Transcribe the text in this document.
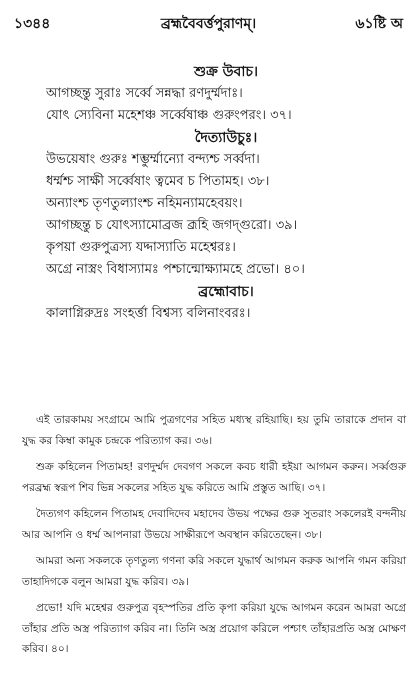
১৩৪৪	ব্রহ্মবৈবর্ত্তপুরাণম্।	৬১ষ্টি অ
শুক্র উবাচ।
আগচ্ছন্তু সুরাঃ সর্ব্বে সন্নদ্ধা রণদুর্ম্মদাঃ।
যোৎ স্যেবিনা মহেশঞ্চ সর্ব্বেষাঞ্চ গুরুংপরং। ৩৭।
দৈত্যাউচুঃ।
উভয়েষাং গুরুঃ শম্ভুর্ম্মান্যো বন্দ্যশ্চ সর্ব্বদা।
ধর্ম্মশ্চ সাক্ষী সর্ব্বেষাং ত্বমেব চ পিতামহ। ৩৮।
অন্যাংশ্চ তৃণতুল্যাংশ্চ নহিমন্যামহেবয়ং।
আগচ্ছন্তু চ যোৎস্যামোব্রজ ব্রূহি জগদ্গুরো। ৩৯।
কৃপয়া গুরুপুত্রস্য যদ্দাস্যাতি মহেশ্বরঃ।
অগ্রে নাস্ত্রং বিধাস্যামঃ পশ্চান্মোক্ষ্যামহে প্রভো। ৪০।
ব্রহ্মোবাচ।
কালাগ্নিরুদ্রঃ সংহর্ত্তা বিশ্বস্য বলিনাংবরঃ।

এই তারকাময় সংগ্রামে আমি পুত্রগণের সহিত মধ্যস্থ রহিয়াছি। হয় তুমি তারাকে প্রদান বা যুদ্ধ কর কিম্বা কামুক চন্দ্রকে পরিত্যাগ কর। ৩৬।

শুক্র কহিলেন পিতামহ! রণদুর্ম্মদ দেবগণ সকলে কবচ ধারী হইয়া আগমন করুন। সর্ব্বগুরু পরব্রহ্ম স্বরূপ শিব ভিন্ন সকলের সহিত যুদ্ধ করিতে আমি প্রস্তুত আছি। ৩৭।

দৈত্যগণ কহিলেন পিতামহ দেবাদিদেব মহাদেব উভয় পক্ষের গুরু সুতরাং সকলেরই বন্দনীয় আর আপনি ও ধর্ম্ম আপনারা উভয়ে সাক্ষীরূপে অবস্থান করিতেছেন। ৩৮।

আমরা অন্য সকলকে তৃণতুল্য গণনা করি সকলে যুদ্ধার্থ আগমন করুক আপনি গমন করিয়া তাহাদিগকে বলুন আমরা যুদ্ধ করিব। ৩৯।

প্রভো! যদি মহেশ্বর গুরুপুত্র বৃহস্পতির প্রতি কৃপা করিয়া যুদ্ধে আগমন করেন আমরা অগ্রে তাঁহার প্রতি অস্ত্র পরিত্যাগ করিব না। তিনি অস্ত্র প্রয়োগ করিলে পশ্চাৎ তাঁহারপ্রতি অস্ত্র মোক্ষণ করিব। ৪০।
